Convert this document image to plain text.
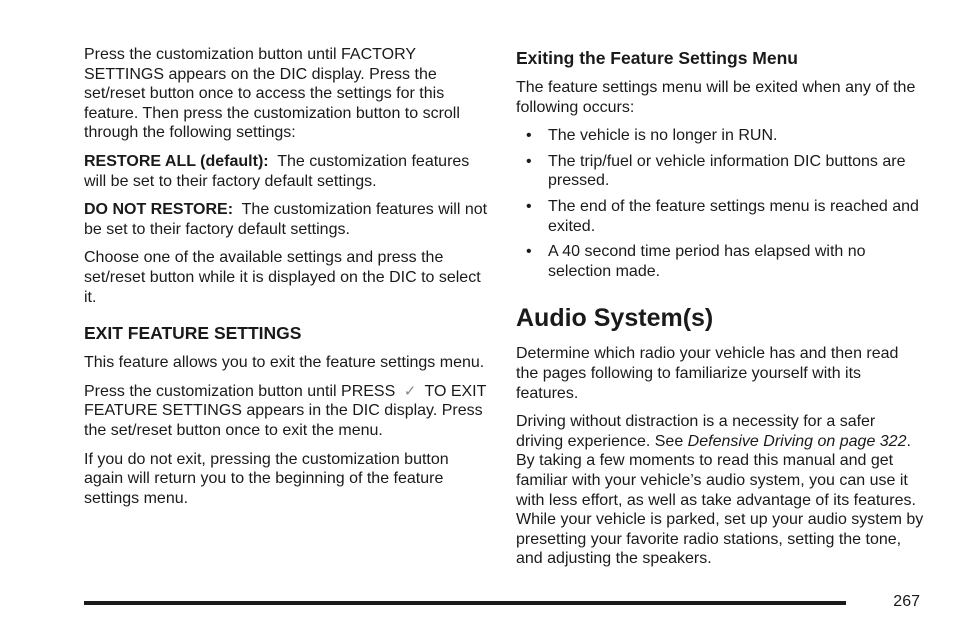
Press the customization button until FACTORY SETTINGS appears on the DIC display. Press the set/reset button once to access the settings for this feature. Then press the customization button to scroll through the following settings:

RESTORE ALL (default): The customization features will be set to their factory default settings.

DO NOT RESTORE: The customization features will not be set to their factory default settings.

Choose one of the available settings and press the set/reset button while it is displayed on the DIC to select it.

EXIT FEATURE SETTINGS

This feature allows you to exit the feature settings menu.

Press the customization button until PRESS ✓ TO EXIT FEATURE SETTINGS appears in the DIC display. Press the set/reset button once to exit the menu.

If you do not exit, pressing the customization button again will return you to the beginning of the feature settings menu.

Exiting the Feature Settings Menu

The feature settings menu will be exited when any of the following occurs:

• The vehicle is no longer in RUN.
• The trip/fuel or vehicle information DIC buttons are pressed.
• The end of the feature settings menu is reached and exited.
• A 40 second time period has elapsed with no selection made.
Audio System(s)

Determine which radio your vehicle has and then read the pages following to familiarize yourself with its features.

Driving without distraction is a necessity for a safer driving experience. See Defensive Driving on page 322. By taking a few moments to read this manual and get familiar with your vehicle’s audio system, you can use it with less effort, as well as take advantage of its features. While your vehicle is parked, set up your audio system by presetting your favorite radio stations, setting the tone, and adjusting the speakers.

267
